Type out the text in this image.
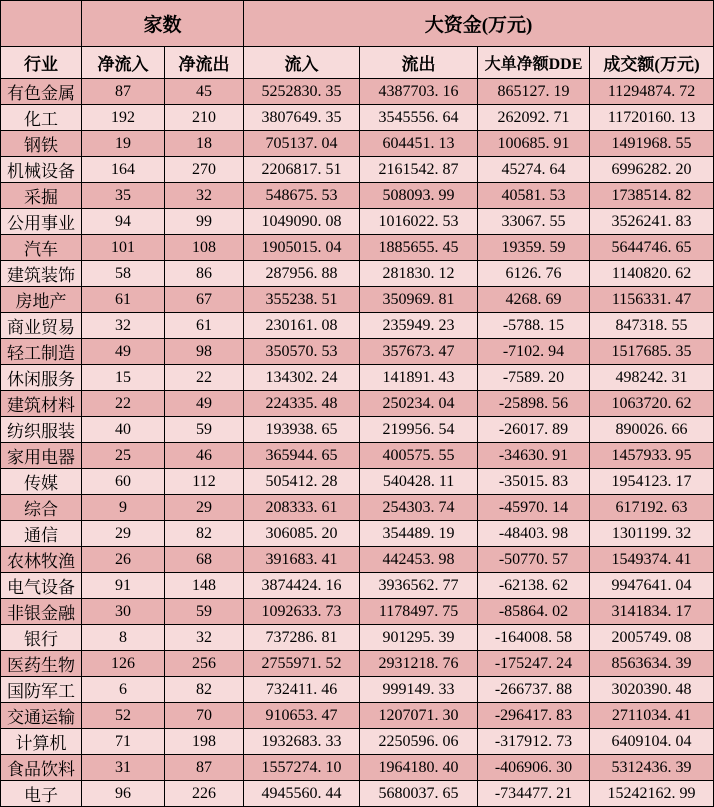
	家数		大资金(万元)			
行业	净流入	净流出	流入	流出	大单净额DDE	成交额(万元)
有色金属	87	45	5252830. 35	4387703. 16	865127. 19	11294874. 72
化工	192	210	3807649. 35	3545556. 64	262092. 71	11720160. 13
钢铁	19	18	705137. 04	604451. 13	100685. 91	1491968. 55
机械设备	164	270	2206817. 51	2161542. 87	45274. 64	6996282. 20
采掘	35	32	548675. 53	508093. 99	40581. 53	1738514. 82
公用事业	94	99	1049090. 08	1016022. 53	33067. 55	3526241. 83
汽车	101	108	1905015. 04	1885655. 45	19359. 59	5644746. 65
建筑装饰	58	86	287956. 88	281830. 12	6126. 76	1140820. 62
房地产	61	67	355238. 51	350969. 81	4268. 69	1156331. 47
商业贸易	32	61	230161. 08	235949. 23	-5788. 15	847318. 55
轻工制造	49	98	350570. 53	357673. 47	-7102. 94	1517685. 35
休闲服务	15	22	134302. 24	141891. 43	-7589. 20	498242. 31
建筑材料	22	49	224335. 48	250234. 04	-25898. 56	1063720. 62
纺织服装	40	59	193938. 65	219956. 54	-26017. 89	890026. 66
家用电器	25	46	365944. 65	400575. 55	-34630. 91	1457933. 95
传媒	60	112	505412. 28	540428. 11	-35015. 83	1954123. 17
综合	9	29	208333. 61	254303. 74	-45970. 14	617192. 63
通信	29	82	306085. 20	354489. 19	-48403. 98	1301199. 32
农林牧渔	26	68	391683. 41	442453. 98	-50770. 57	1549374. 41
电气设备	91	148	3874424. 16	3936562. 77	-62138. 62	9947641. 04
非银金融	30	59	1092633. 73	1178497. 75	-85864. 02	3141834. 17
银行	8	32	737286. 81	901295. 39	-164008. 58	2005749. 08
医药生物	126	256	2755971. 52	2931218. 76	-175247. 24	8563634. 39
国防军工	6	82	732411. 46	999149. 33	-266737. 88	3020390. 48
交通运输	52	70	910653. 47	1207071. 30	-296417. 83	2711034. 41
计算机	71	198	1932683. 33	2250596. 06	-317912. 73	6409104. 04
食品饮料	31	87	1557274. 10	1964180. 40	-406906. 30	5312436. 39
电子	96	226	4945560. 44	5680037. 65	-734477. 21	15242162. 99
